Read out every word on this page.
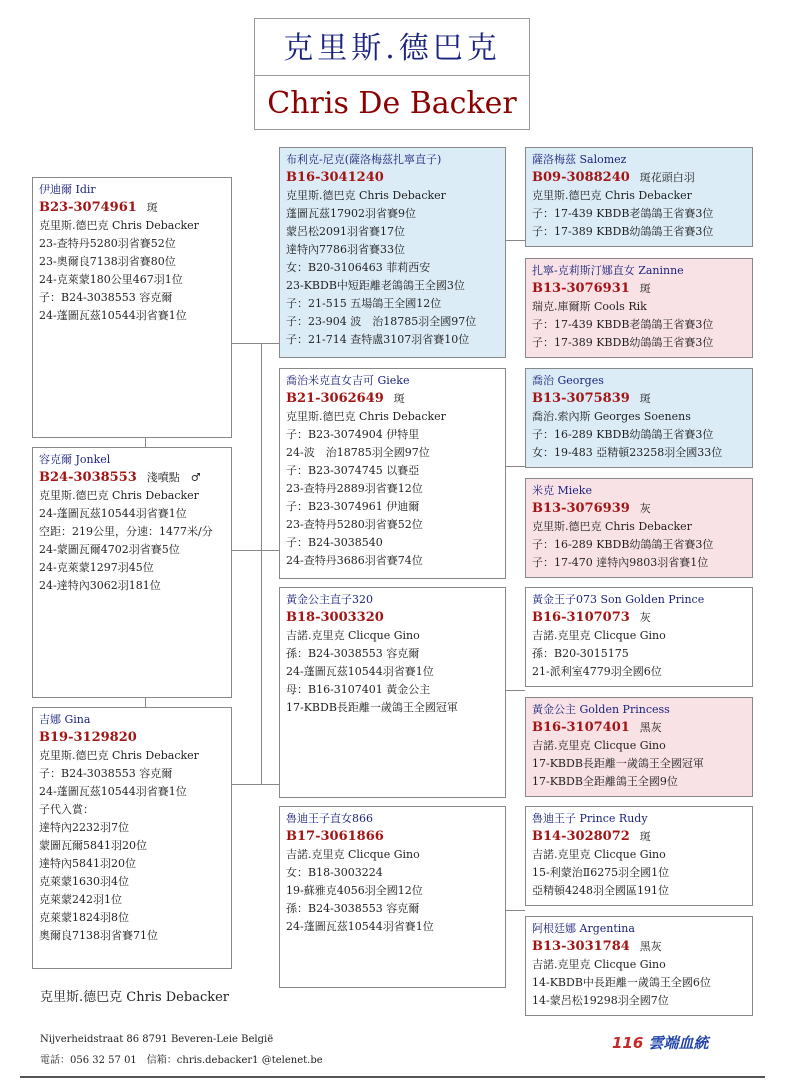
克里斯.德巴克
Chris De Backer
伊迪爾 Idir
B23-3074961 斑
克里斯.德巴克 Chris Debacker
23-查特丹5280羽省賽52位
23-奧爾良7138羽省賽80位
24-克萊蒙180公里467羽1位
子：B24-3038553 容克爾
24-蓬圖瓦茲10544羽省賽1位
容克爾 Jonkel
B24-3038553 淺噴點　♂
克里斯.德巴克 Chris Debacker
24-蓬圖瓦茲10544羽省賽1位
空距：219公里，分速：1477米/分
24-蒙圖瓦爾4702羽省賽5位
24-克萊蒙1297羽45位
24-達特內3062羽181位
吉娜 Gina
B19-3129820
克里斯.德巴克 Chris Debacker
子：B24-3038553 容克爾
24-蓬圖瓦茲10544羽省賽1位
子代入賞：
達特內2232羽7位
蒙圖瓦爾5841羽20位
達特內5841羽20位
克萊蒙1630羽4位
克萊蒙242羽1位
克萊蒙1824羽8位
奧爾良7138羽省賽71位
布利克-尼克(薩洛梅茲扎寧直子)
B16-3041240
克里斯.德巴克 Chris Debacker
蓬圖瓦茲17902羽省賽9位
蒙呂松2091羽省賽17位
達特內7786羽省賽33位
女：B20-3106463 菲莉西安
23-KBDB中短距離老鴿鴿王全國3位
子：21-515 五場鴿王全國12位
子：23-904 波　治18785羽全國97位
子：21-714 查特盧3107羽省賽10位
喬治米克直女吉可 Gieke
B21-3062649 斑
克里斯.德巴克 Chris Debacker
子：B23-3074904 伊特里
24-波　治18785羽全國97位
子：B23-3074745 以賽亞
23-查特丹2889羽省賽12位
子：B23-3074961 伊迪爾
23-查特丹5280羽省賽52位
子：B24-3038540
24-查特丹3686羽省賽74位
黃金公主直子320
B18-3003320
吉諾.克里克 Clicque Gino
孫：B24-3038553 容克爾
24-蓬圖瓦茲10544羽省賽1位
母：B16-3107401 黃金公主
17-KBDB長距離一歲鴿王全國冠軍
魯迪王子直女866
B17-3061866
吉諾.克里克 Clicque Gino
女：B18-3003224
19-蘇雅克4056羽全國12位
孫：B24-3038553 容克爾
24-蓬圖瓦茲10544羽省賽1位
薩洛梅茲 Salomez
B09-3088240 斑花頭白羽
克里斯.德巴克 Chris Debacker
子：17-439 KBDB老鴿鴿王省賽3位
子：17-389 KBDB幼鴿鴿王省賽3位
扎寧-克莉斯汀娜直女 Zaninne
B13-3076931 斑
瑞克.庫爾斯 Cools Rik
子：17-439 KBDB老鴿鴿王省賽3位
子：17-389 KBDB幼鴿鴿王省賽3位
喬治 Georges
B13-3075839 斑
喬治.索內斯 Georges Soenens
子：16-289 KBDB幼鴿鴿王省賽3位
女：19-483 亞精頓23258羽全國33位
米克 Mieke
B13-3076939 灰
克里斯.德巴克 Chris Debacker
子：16-289 KBDB幼鴿鴿王省賽3位
子：17-470 達特內9803羽省賽1位
黃金王子073 Son Golden Prince
B16-3107073 灰
吉諾.克里克 Clicque Gino
孫：B20-3015175
21-派利室4779羽全國6位
黃金公主 Golden Princess
B16-3107401 黑灰
吉諾.克里克 Clicque Gino
17-KBDB長距離一歲鴿王全國冠軍
17-KBDB全距離鴿王全國9位
魯迪王子 Prince Rudy
B14-3028072 斑
吉諾.克里克 Clicque Gino
15-利蒙治Ⅱ6275羽全國1位
亞精頓4248羽全國區191位
阿根廷娜 Argentina
B13-3031784 黑灰
吉諾.克里克 Clicque Gino
14-KBDB中長距離一歲鴿王全國6位
14-蒙呂松19298羽全國7位
克里斯.德巴克 Chris Debacker
Nijverheidstraat 86 8791 Beveren-Leie België
電話：056 32 57 01　信箱：chris.debacker1 @telenet.be
116 雲端血統
